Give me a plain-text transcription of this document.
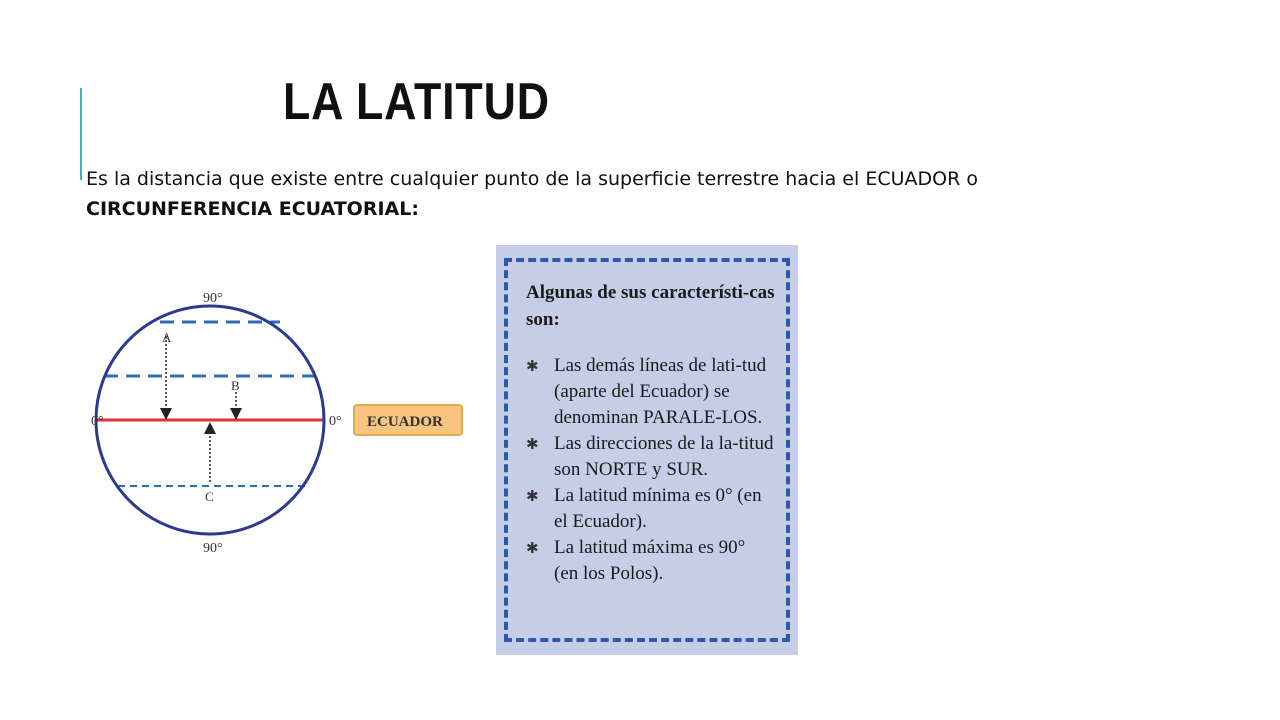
LA LATITUD
Es la distancia que existe entre cualquier punto de la superficie terrestre hacia el ECUADOR o CIRCUNFERENCIA ECUATORIAL:
90°
90°
0°	0°
A
B
C
ECUADOR
Algunas de sus característi-cas son:
✱ Las demás líneas de lati-tud (aparte del Ecuador) se denominan PARALE-LOS.
✱ Las direcciones de la la-titud son NORTE y SUR.
✱ La latitud mínima es 0° (en el Ecuador).
✱ La latitud máxima es 90° (en los Polos).
